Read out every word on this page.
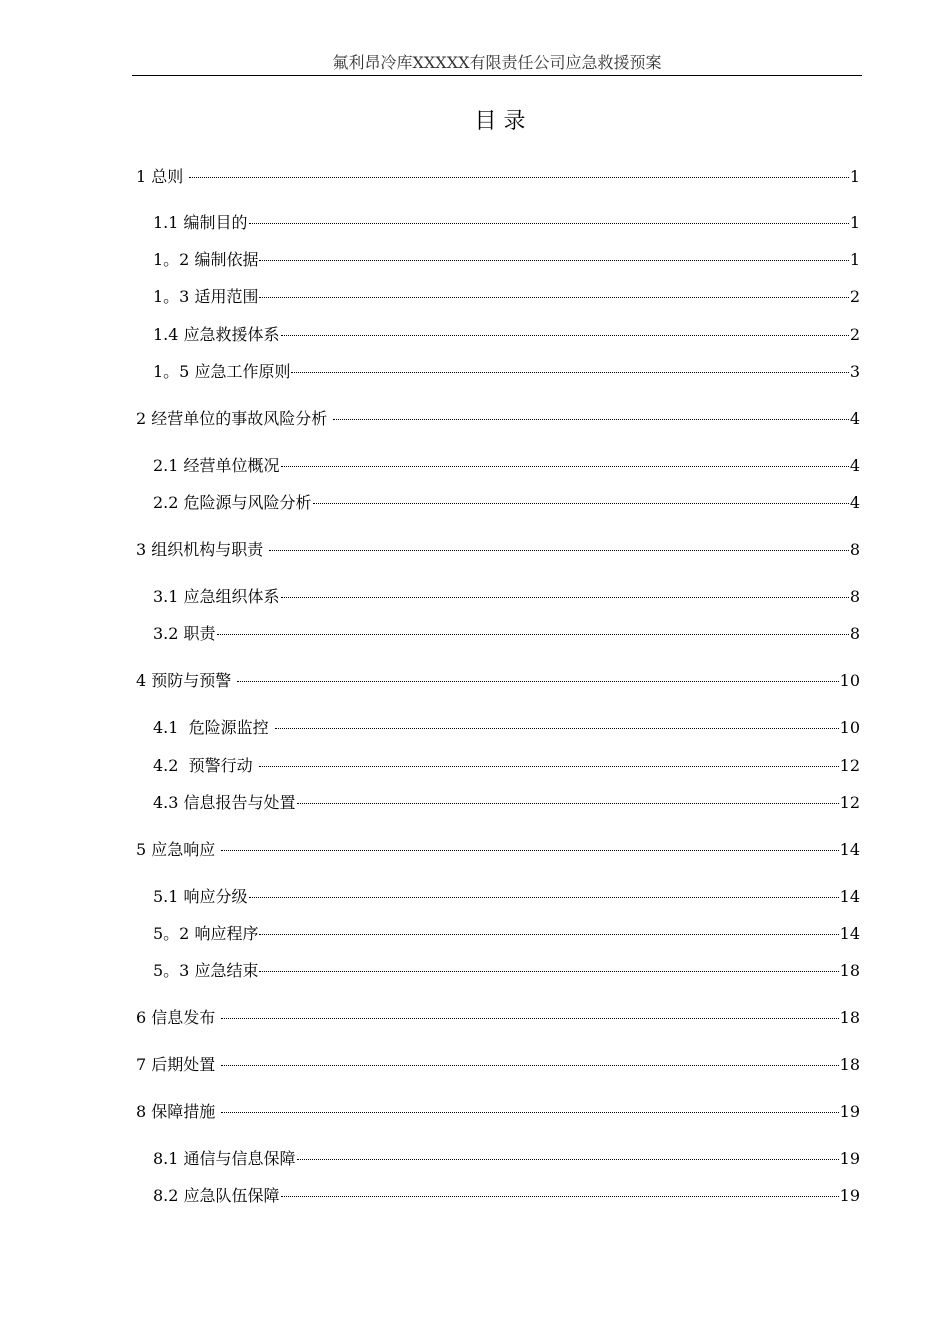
氟利昂冷库XXXXX有限责任公司应急救援预案
目 录
1 总则	1
1.1 编制目的	1
1。2 编制依据	1
1。3 适用范围	2
1.4 应急救援体系	2
1。5 应急工作原则	3
2 经营单位的事故风险分析	4
2.1 经营单位概况	4
2.2 危险源与风险分析	4
3 组织机构与职责	8
3.1 应急组织体系	8
3.2 职责	8
4 预防与预警	10
4.1  危险源监控	10
4.2  预警行动	12
4.3 信息报告与处置	12
5 应急响应	14
5.1 响应分级	14
5。2 响应程序	14
5。3 应急结束	18
6 信息发布	18
7 后期处置	18
8 保障措施	19
8.1 通信与信息保障	19
8.2 应急队伍保障	19
